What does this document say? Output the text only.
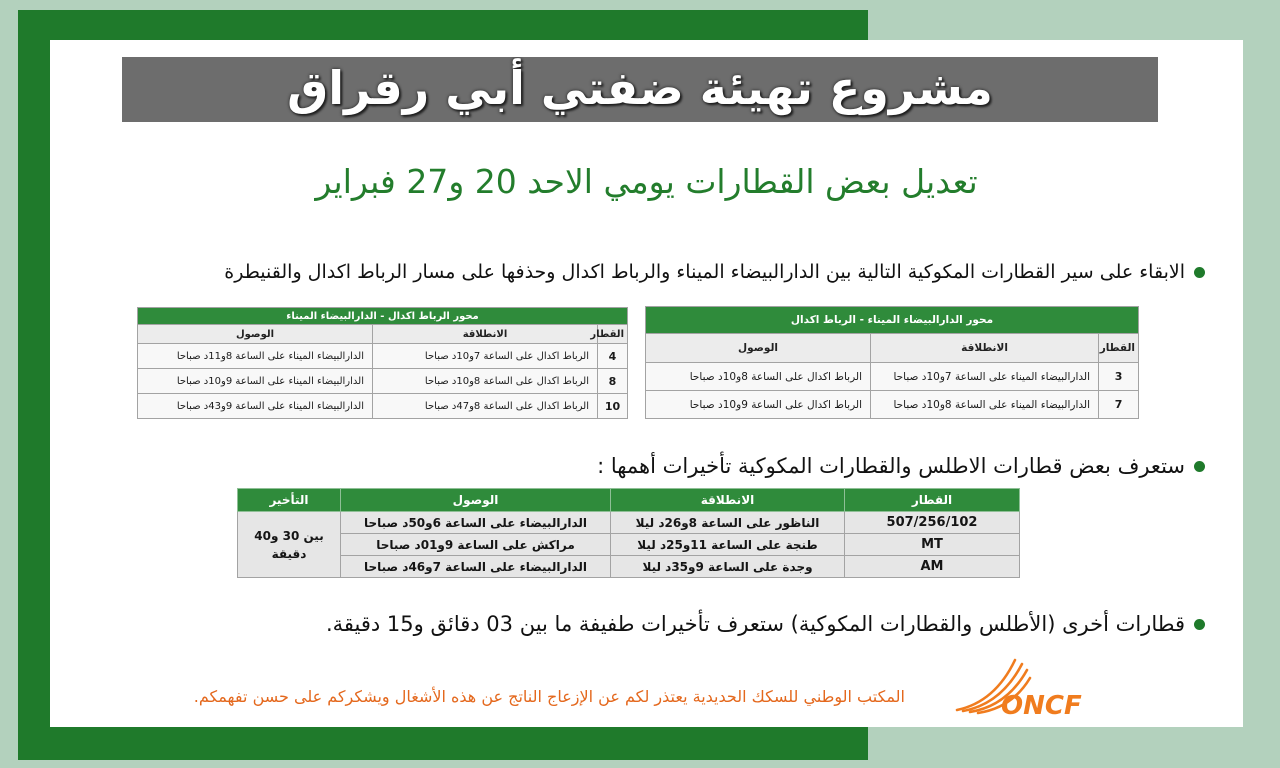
مشروع تهيئة ضفتي أبي رقراق
تعديل بعض القطارات يومي الاحد 20 و27 فبراير
الابقاء على سير القطارات المكوكية التالية بين الدارالبيضاء الميناء والرباط اكدال وحذفها على مسار الرباط اكدال والقنيطرة
محور الرباط اكدال - الدارالبيضاء الميناء		
القطار	الانطلاقة	الوصول
4	الرباط اكدال على الساعة 7و10د صباحا	الدارالبيضاء الميناء على الساعة 8و11د صباحا
8	الرباط اكدال على الساعة 8و10د صباحا	الدارالبيضاء الميناء على الساعة 9و10د صباحا
10	الرباط اكدال على الساعة 8و47د صباحا	الدارالبيضاء الميناء على الساعة 9و43د صباحا
محور الدارالبيضاء الميناء - الرباط اكدال		
القطار	الانطلاقة	الوصول
3	الدارالبيضاء الميناء على الساعة 7و10د صباحا	الرباط اكدال على الساعة 8و10د صباحا
7	الدارالبيضاء الميناء على الساعة 8و10د صباحا	الرباط اكدال على الساعة 9و10د صباحا
ستعرف بعض قطارات الاطلس والقطارات المكوكية تأخيرات أهمها :
القطار	الانطلاقة	الوصول	التأخير
507/256/102	الناظور على الساعة 8و26د ليلا	الدارالبيضاء على الساعة 6و50د صباحا	بين 30 و40 دقيقة
MT	طنجة على الساعة 11و25د ليلا	مراكش على الساعة 9و01د صباحا	
AM	وجدة على الساعة 9و35د ليلا	الدارالبيضاء على الساعة 7و46د صباحا	
قطارات أخرى (الأطلس والقطارات المكوكية) ستعرف تأخيرات طفيفة ما بين 03 دقائق و15 دقيقة.
المكتب الوطني للسكك الحديدية يعتذر لكم عن الإزعاج الناتج عن هذه الأشغال ويشكركم على حسن تفهمكم.	ONCF
